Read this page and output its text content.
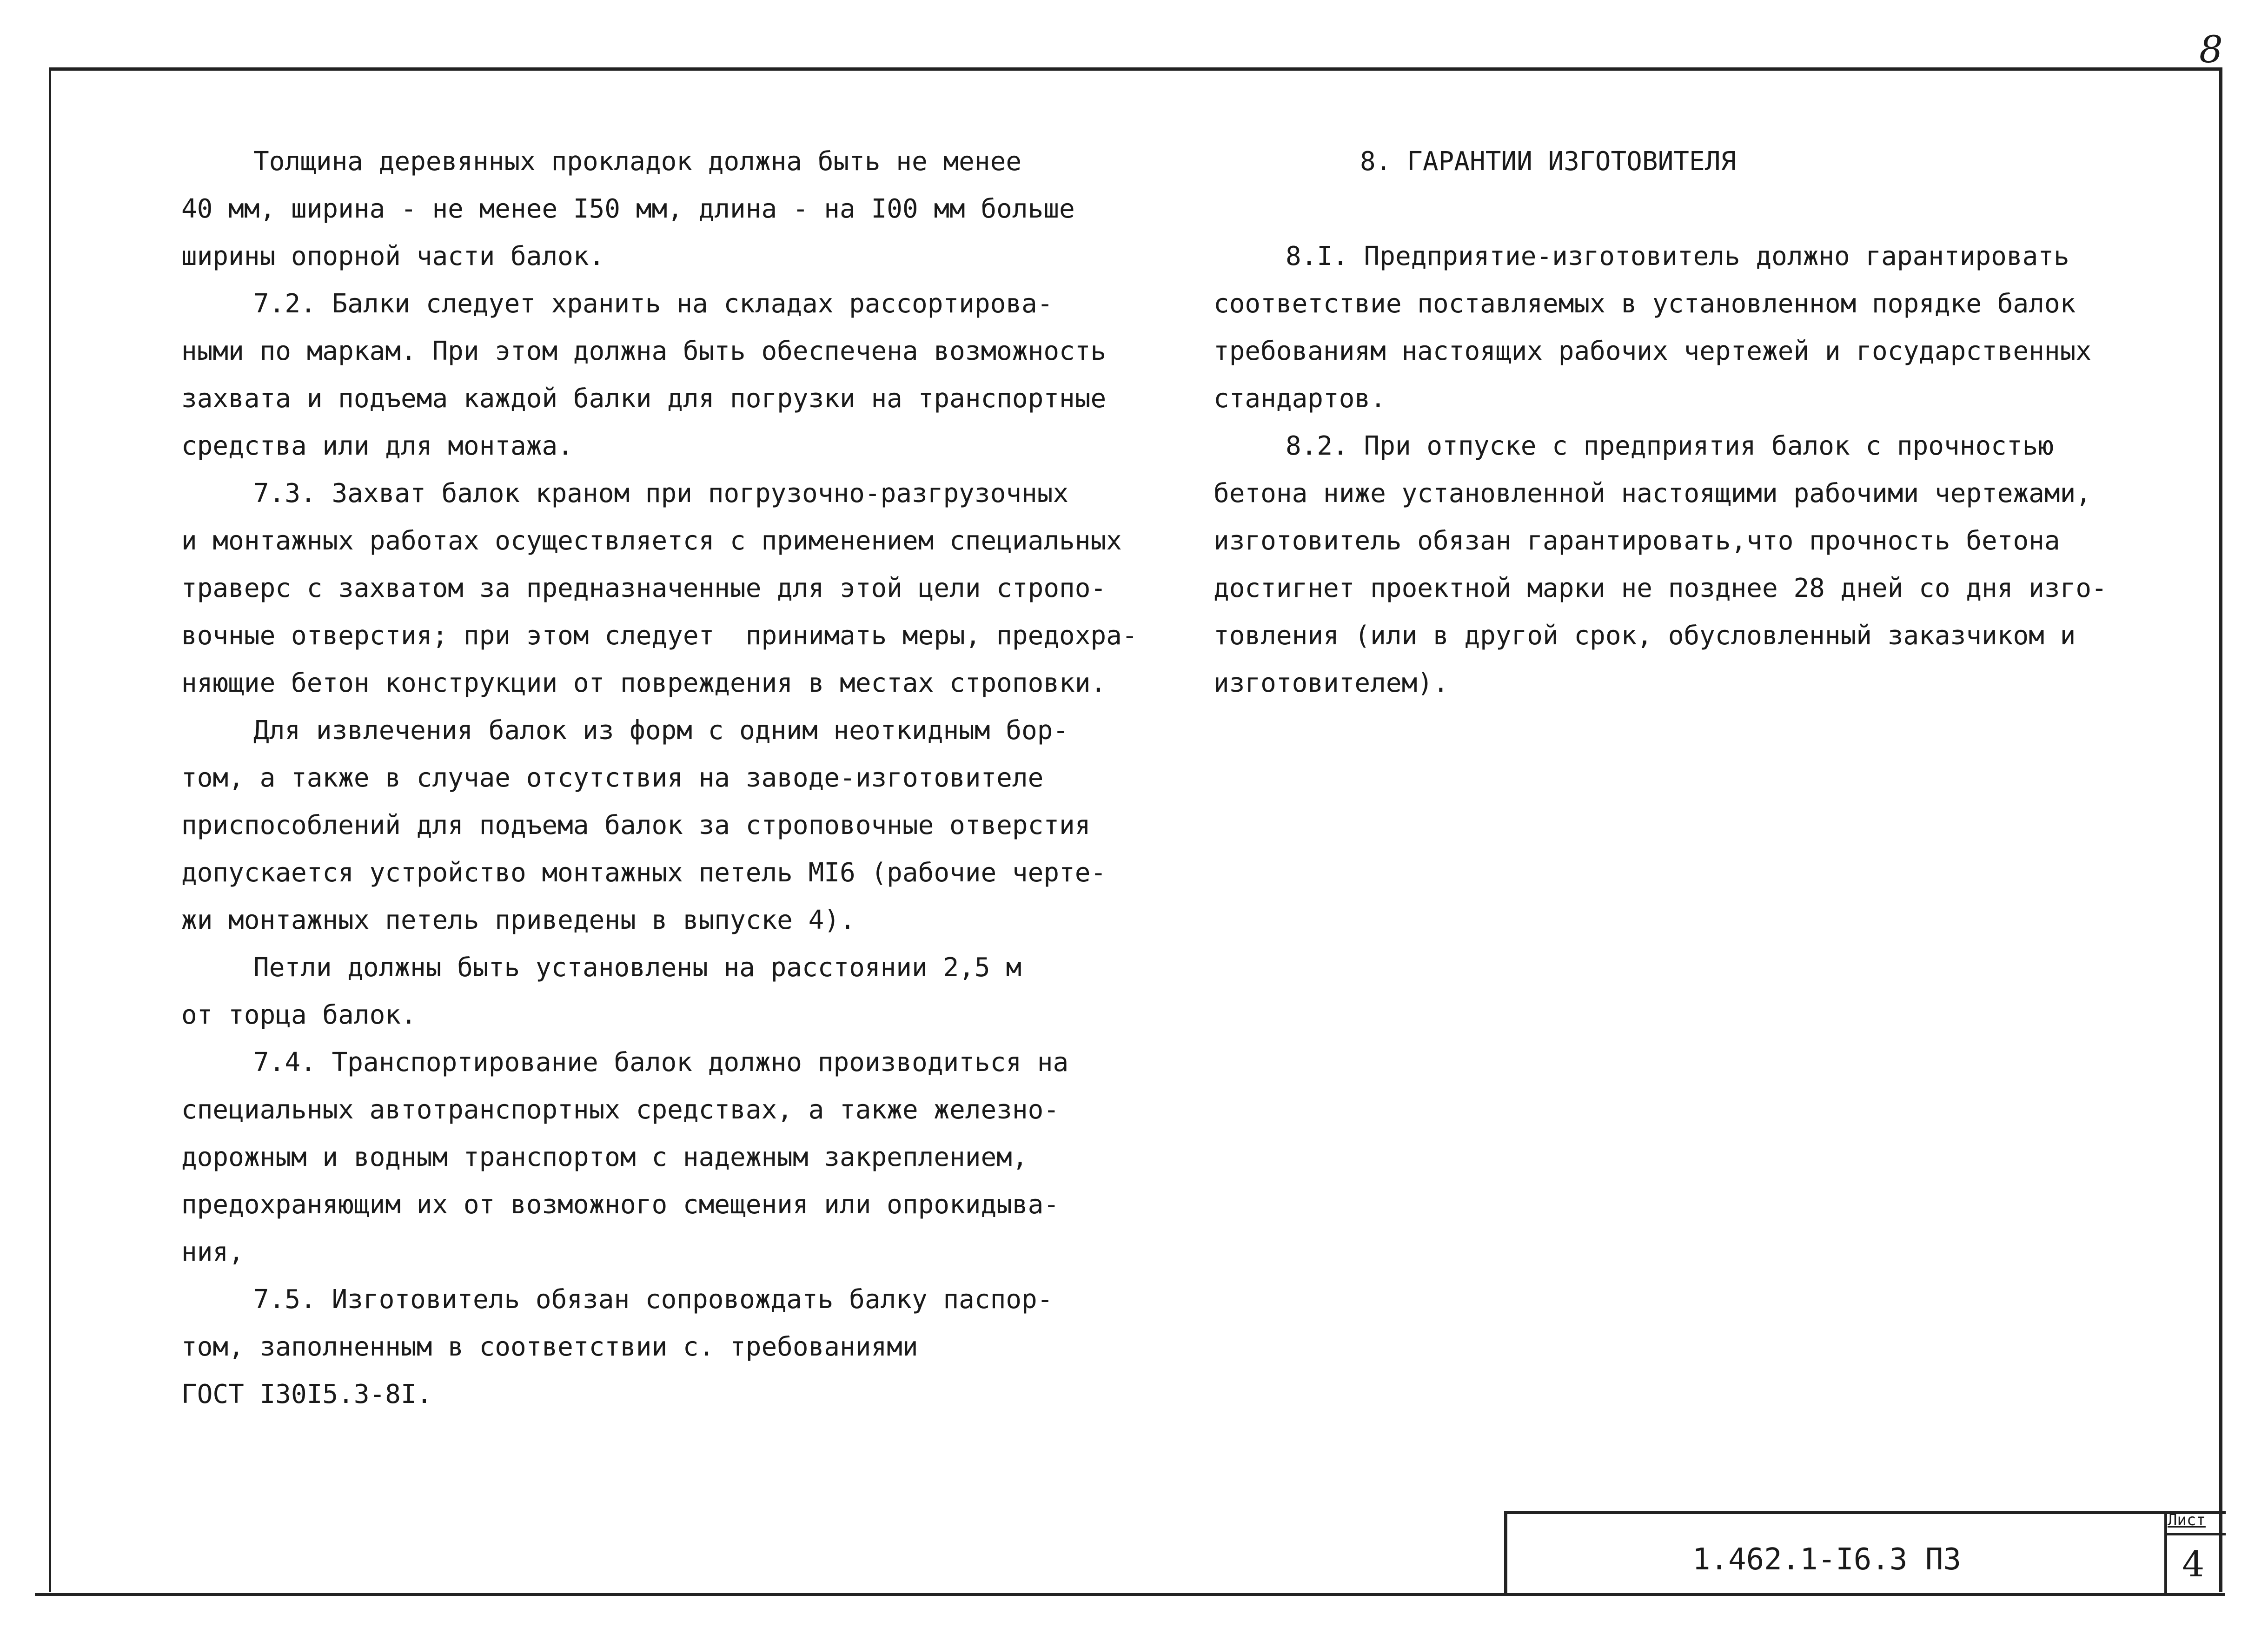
8
Толщина деревянных прокладок должна быть не менее
40 мм, ширина - не менее I50 мм, длина - на I00 мм больше
ширины опорной части балок.
7.2. Балки следует хранить на складах рассортирова-
ными по маркам. При этом должна быть обеспечена возможность
захвата и подъема каждой балки для погрузки на транспортные
средства или для монтажа.
7.3. Захват балок краном при погрузочно-разгрузочных
и монтажных работах осуществляется с применением специальных
траверс с захватом за предназначенные для этой цели стропо-
вочные отверстия; при этом следует  принимать меры, предохра-
няющие бетон конструкции от повреждения в местах строповки.
Для извлечения балок из форм с одним неоткидным бор-
том, а также в случае отсутствия на заводе-изготовителе
приспособлений для подъема балок за строповочные отверстия
допускается устройство монтажных петель МI6 (рабочие черте-
жи монтажных петель приведены в выпуске 4).
Петли должны быть установлены на расстоянии 2,5 м
от торца балок.
7.4. Транспортирование балок должно производиться на
специальных автотранспортных средствах, а также железно-
дорожным и водным транспортом с надежным закреплением,
предохраняющим их от возможного смещения или опрокидыва-
ния,
7.5. Изготовитель обязан сопровождать балку паспор-
том, заполненным в соответствии с. требованиями
ГОСТ I30I5.3-8I.
8. ГАРАНТИИ ИЗГОТОВИТЕЛЯ
8.I. Предприятие-изготовитель должно гарантировать
соответствие поставляемых в установленном порядке балок
требованиям настоящих рабочих чертежей и государственных
стандартов.
8.2. При отпуске с предприятия балок с прочностью
бетона ниже установленной настоящими рабочими чертежами,
изготовитель обязан гарантировать,что прочность бетона
достигнет проектной марки не позднее 28 дней со дня изго-
товления (или в другой срок, обусловленный заказчиком и
изготовителем).
1.462.1-I6.3 ПЗ
Лист
4
